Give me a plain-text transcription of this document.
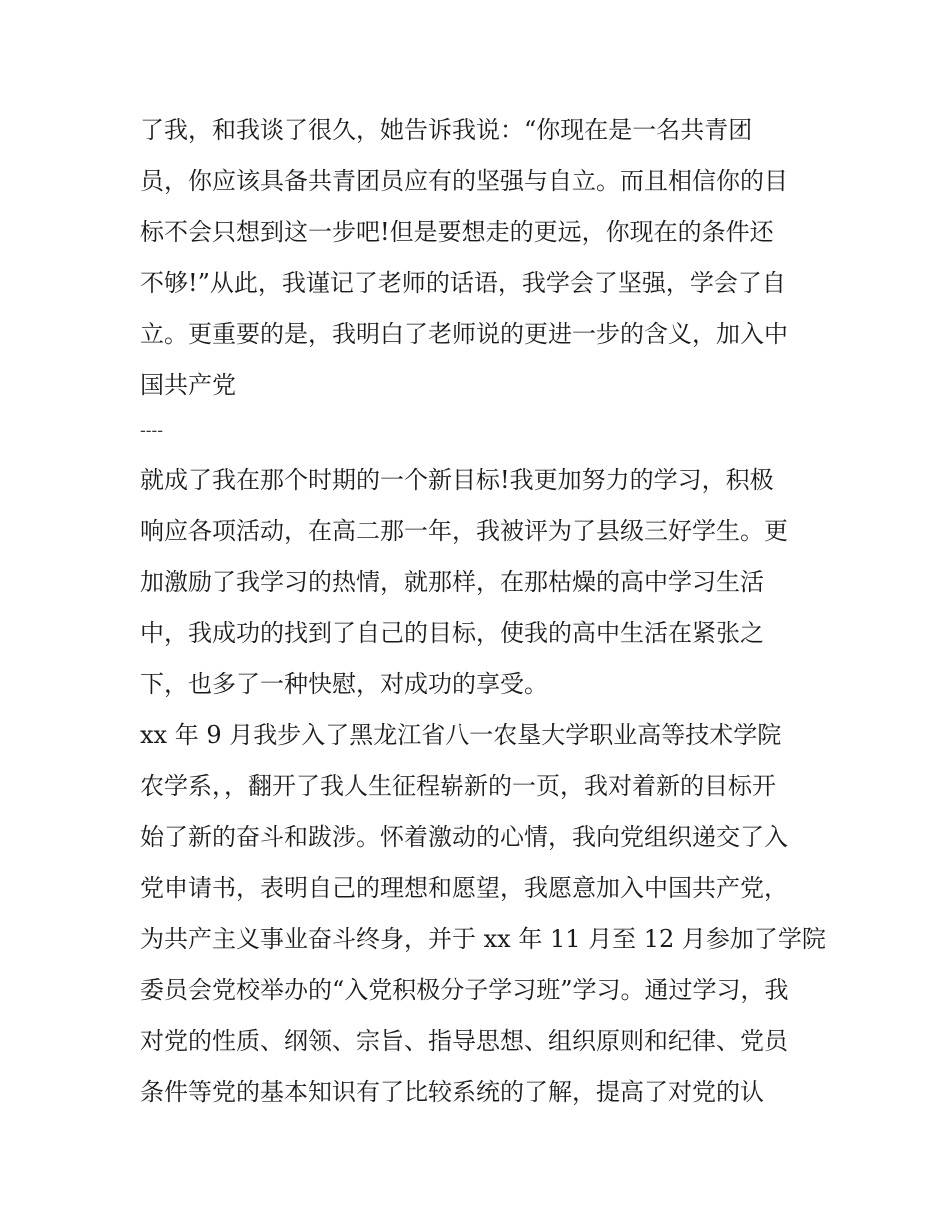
了我，和我谈了很久，她告诉我说：“你现在是一名共青团
员，你应该具备共青团员应有的坚强与自立。而且相信你的目
标不会只想到这一步吧!但是要想走的更远，你现在的条件还
不够!”从此，我谨记了老师的话语，我学会了坚强，学会了自
立。更重要的是，我明白了老师说的更进一步的含义，加入中
国共产党
----
就成了我在那个时期的一个新目标!我更加努力的学习，积极
响应各项活动，在高二那一年，我被评为了县级三好学生。更
加激励了我学习的热情，就那样，在那枯燥的高中学习生活
中，我成功的找到了自己的目标，使我的高中生活在紧张之
下，也多了一种快慰，对成功的享受。
xx 年 9 月我步入了黑龙江省八一农垦大学职业高等技术学院
农学系，，翻开了我人生征程崭新的一页，我对着新的目标开
始了新的奋斗和跋涉。怀着激动的心情，我向党组织递交了入
党申请书，表明自己的理想和愿望，我愿意加入中国共产党，
为共产主义事业奋斗终身，并于 xx 年 11 月至 12 月参加了学院
委员会党校举办的“入党积极分子学习班”学习。通过学习，我
对党的性质、纲领、宗旨、指导思想、组织原则和纪律、党员
条件等党的基本知识有了比较系统的了解，提高了对党的认
